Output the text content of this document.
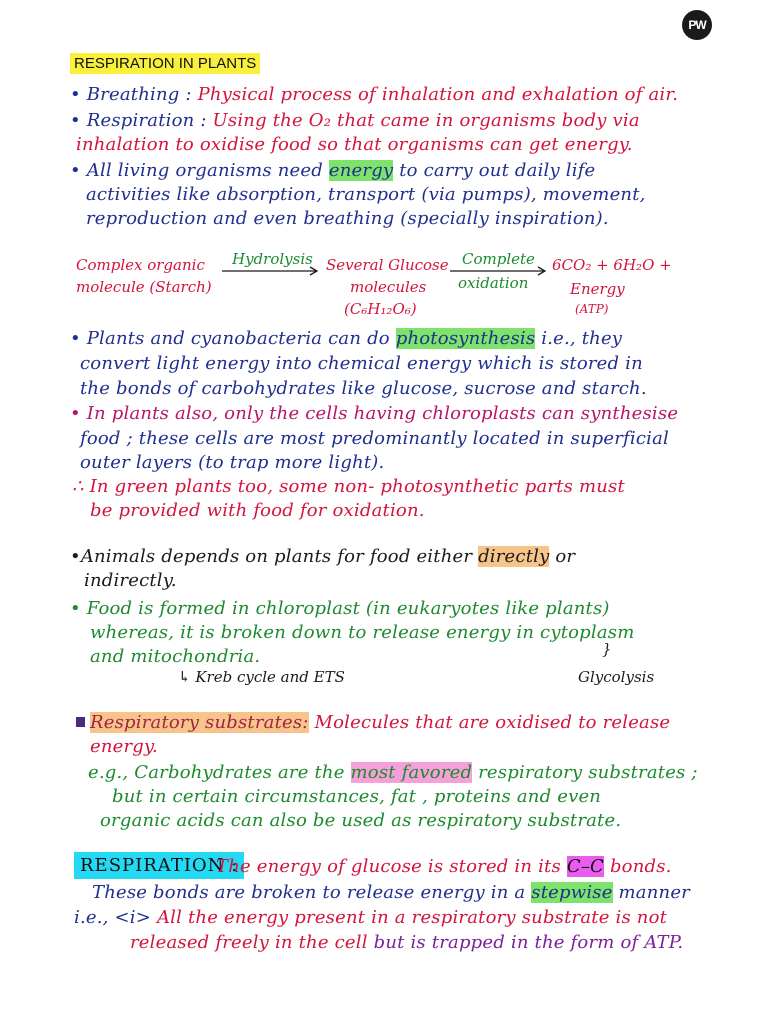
PW
RESPIRATION IN PLANTS
• Breathing : Physical process of inhalation and exhalation of air.
• Respiration : Using the O₂ that came in organisms body via
inhalation to oxidise food so that organisms can get energy.
• All living organisms need energy to carry out daily life
activities like absorption, transport (via pumps), movement,
reproduction and even breathing (specially inspiration).
Complex organic
molecule (Starch)
Hydrolysis Several Glucose
molecules
(C₆H₁₂O₆)
Complete
oxidation
6CO₂ + 6H₂O +
Energy
(ATP)
• Plants and cyanobacteria can do photosynthesis i.e., they
convert light energy into chemical energy which is stored in
the bonds of carbohydrates like glucose, sucrose and starch.
• In plants also, only the cells having chloroplasts can synthesise
food ; these cells are most predominantly located in superficial
outer layers (to trap more light).
∴ In green plants too, some non- photosynthetic parts must
be provided with food for oxidation.
•Animals depends on plants for food either directly or
indirectly.
• Food is formed in chloroplast (in eukaryotes like plants)
whereas, it is broken down to release energy in cytoplasm
and mitochondria.
↳ Kreb cycle and ETS
}
Glycolysis
Respiratory substrates: Molecules that are oxidised to release
energy.
e.g., Carbohydrates are the most favored respiratory substrates ;
but in certain circumstances, fat , proteins and even
organic acids can also be used as respiratory substrate.
RESPIRATION :
The energy of glucose is stored in its C–C bonds.
These bonds are broken to release energy in a stepwise manner
i.e., <i> All the energy present in a respiratory substrate is not
released freely in the cell but is trapped in the form of ATP.
